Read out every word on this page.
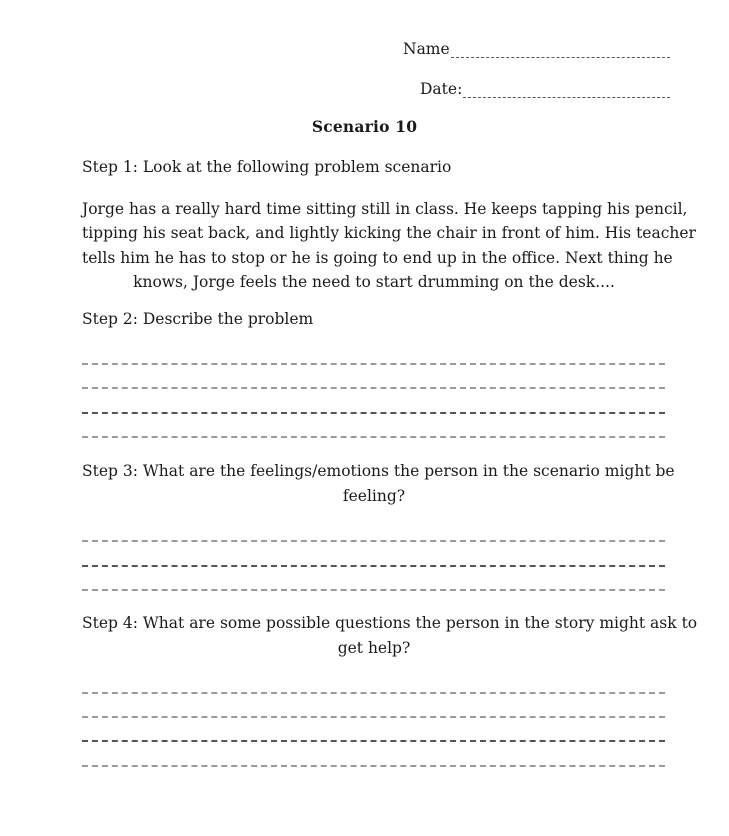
Name
Date:
Scenario 10
Step 1: Look at the following problem scenario
Jorge has a really hard time sitting still in class. He keeps tapping his pencil,
tipping his seat back, and lightly kicking the chair in front of him. His teacher
tells him he has to stop or he is going to end up in the office. Next thing he
knows, Jorge feels the need to start drumming on the desk....
Step 2: Describe the problem
Step 3: What are the feelings/emotions the person in the scenario might be
feeling?
Step 4: What are some possible questions the person in the story might ask to
get help?
